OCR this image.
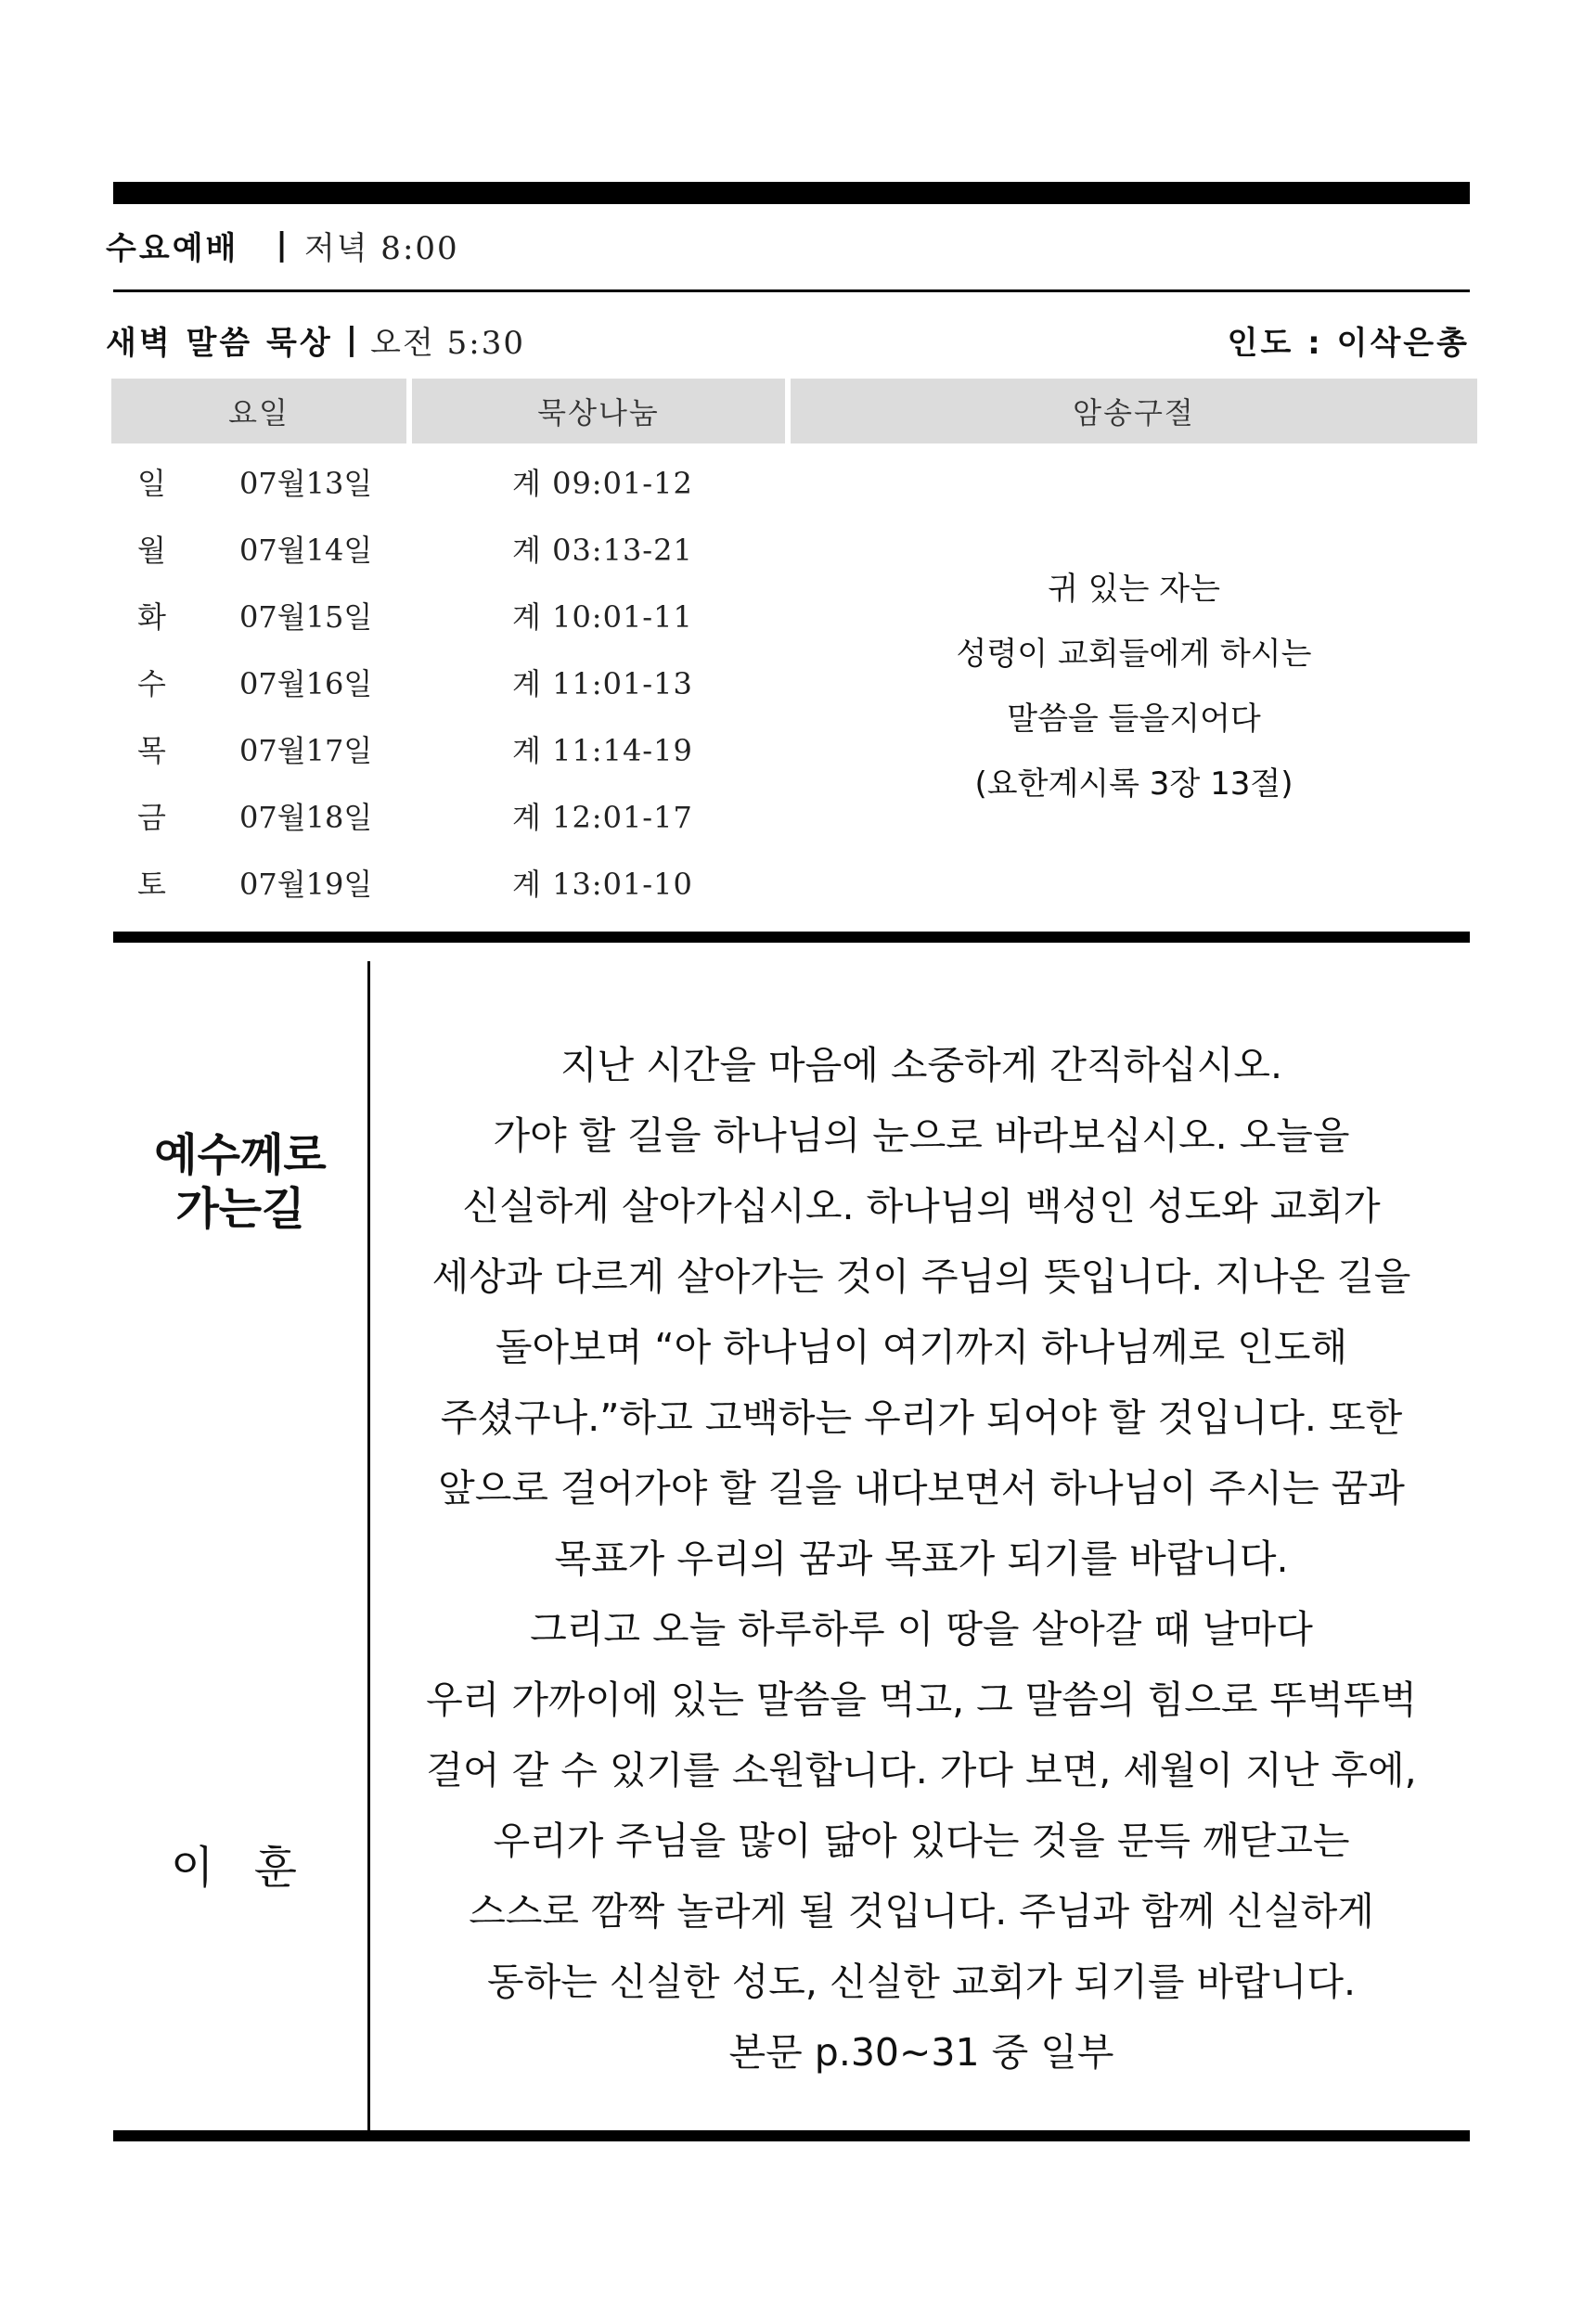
수요예배 | 저녁 8:00
새벽 말씀 묵상 | 오전 5:30	인도 : 이삭은총
요일	묵상나눔	암송구절
일 07월13일	계 09:01-12
월 07월14일	계 03:13-21
화 07월15일	계 10:01-11
수 07월16일	계 11:01-13
목 07월17일	계 11:14-19
금 07월18일	계 12:01-17
토 07월19일	계 13:01-10
귀 있는 자는
성령이 교회들에게 하시는
말씀을 들을지어다
(요한계시록 3장 13절)
예수께로
가는길
이 훈
지난 시간을 마음에 소중하게 간직하십시오.
가야 할 길을 하나님의 눈으로 바라보십시오. 오늘을
신실하게 살아가십시오. 하나님의 백성인 성도와 교회가
세상과 다르게 살아가는 것이 주님의 뜻입니다. 지나온 길을
돌아보며 “아 하나님이 여기까지 하나님께로 인도해
주셨구나.”하고 고백하는 우리가 되어야 할 것입니다. 또한
앞으로 걸어가야 할 길을 내다보면서 하나님이 주시는 꿈과
목표가 우리의 꿈과 목표가 되기를 바랍니다.
그리고 오늘 하루하루 이 땅을 살아갈 때 날마다
우리 가까이에 있는 말씀을 먹고, 그 말씀의 힘으로 뚜벅뚜벅
걸어 갈 수 있기를 소원합니다. 가다 보면, 세월이 지난 후에,
우리가 주님을 많이 닮아 있다는 것을 문득 깨닫고는
스스로 깜짝 놀라게 될 것입니다. 주님과 함께 신실하게
동하는 신실한 성도, 신실한 교회가 되기를 바랍니다.
본문 p.30~31 중 일부
